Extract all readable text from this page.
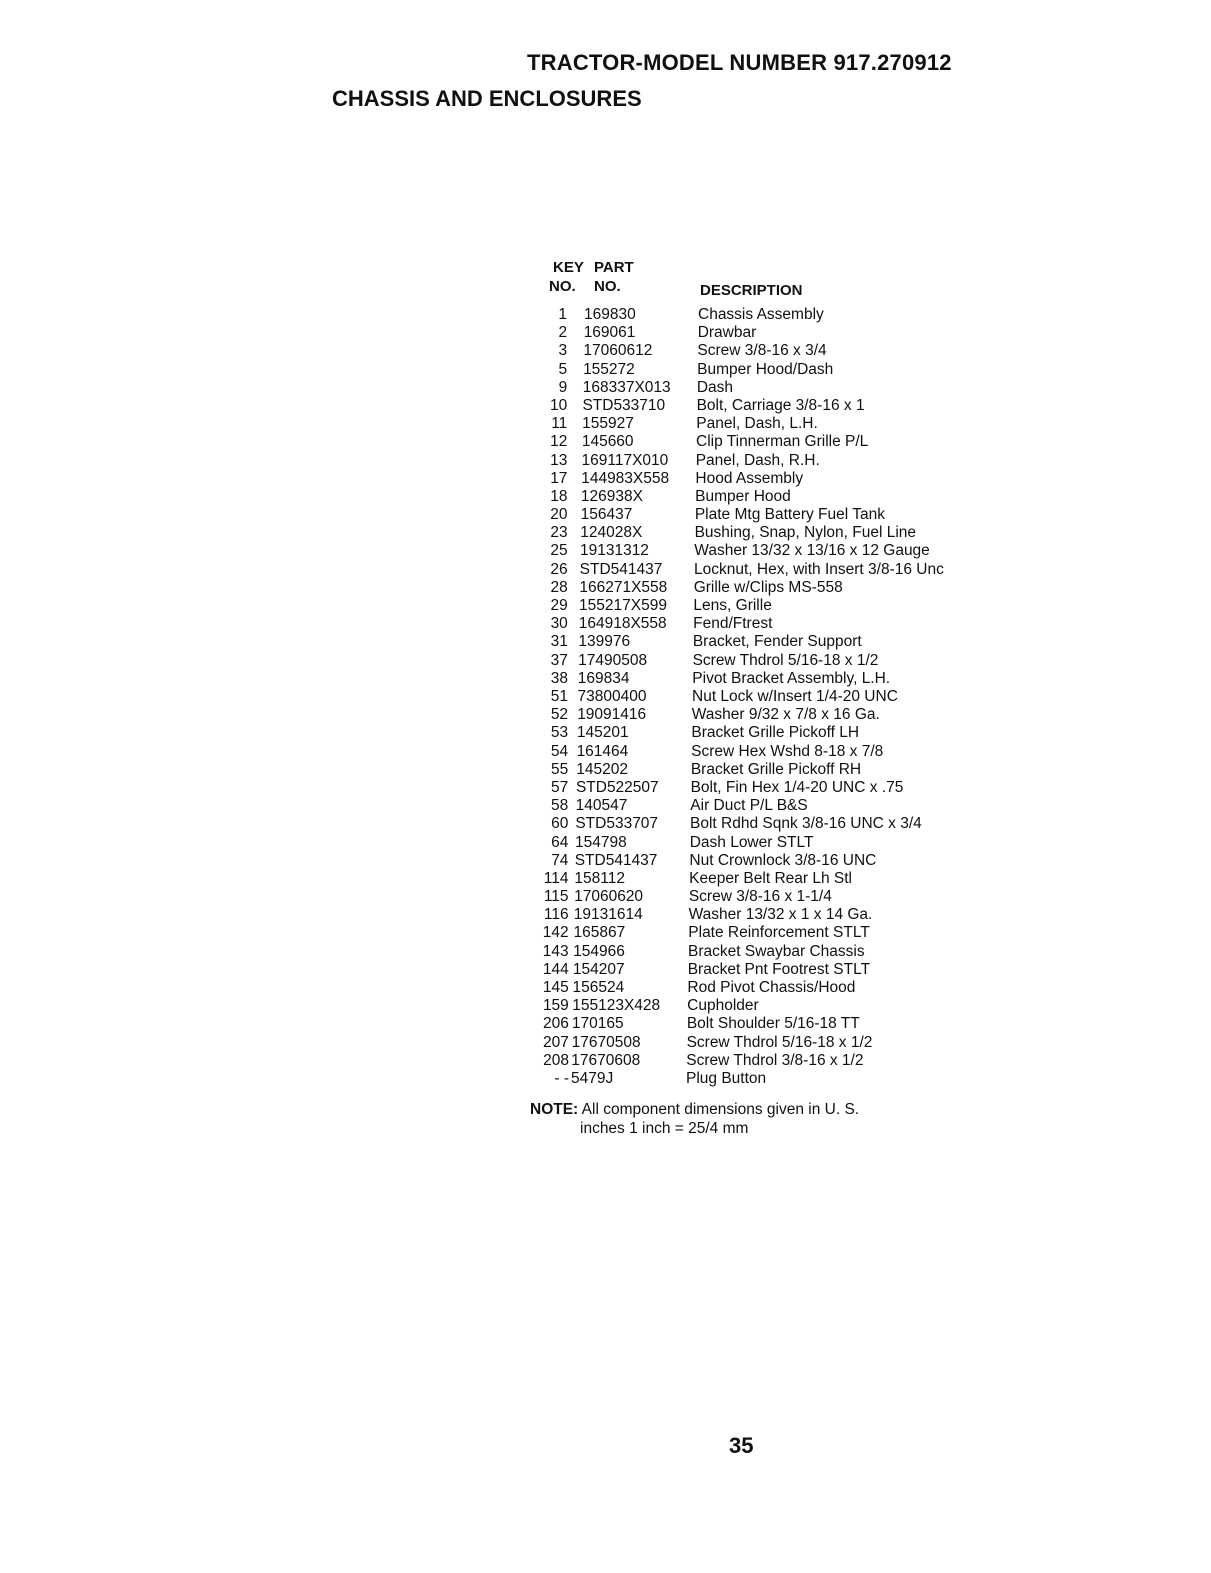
TRACTOR-MODEL NUMBER 917.270912
CHASSIS AND ENCLOSURES
KEY PART
NO. NO.	DESCRIPTION
1 169830	Chassis Assembly
2 169061	Drawbar
3 17060612	Screw 3/8-16 x 3/4
5 155272	Bumper Hood/Dash
9 168337X013 Dash
10 STD533710 Bolt, Carriage 3/8-16 x 1
11 155927	Panel, Dash, L.H.
12 145660	Clip Tinnerman Grille P/L
13 169117X010 Panel, Dash, R.H.
17 144983X558 Hood Assembly
18 126938X	Bumper Hood
20 156437	Plate Mtg Battery Fuel Tank
23 124028X	Bushing, Snap, Nylon, Fuel Line
25 19131312	Washer 13/32 x 13/16 x 12 Gauge
26 STD541437 Locknut, Hex, with Insert 3/8-16 Unc
28 166271X558 Grille w/Clips MS-558
29 155217X599 Lens, Grille
30 164918X558 Fend/Ftrest
31 139976	Bracket, Fender Support
37 17490508	Screw Thdrol 5/16-18 x 1/2
38 169834	Pivot Bracket Assembly, L.H.
51 73800400	Nut Lock w/Insert 1/4-20 UNC
52 19091416	Washer 9/32 x 7/8 x 16 Ga.
53 145201	Bracket Grille Pickoff LH
54 161464	Screw Hex Wshd 8-18 x 7/8
55 145202	Bracket Grille Pickoff RH
57 STD522507 Bolt, Fin Hex 1/4-20 UNC x .75
58 140547	Air Duct P/L B&S
60 STD533707 Bolt Rdhd Sqnk 3/8-16 UNC x 3/4
64 154798	Dash Lower STLT
74 STD541437 Nut Crownlock 3/8-16 UNC
114 158112	Keeper Belt Rear Lh Stl
115 17060620	Screw 3/8-16 x 1-1/4
116 19131614	Washer 13/32 x 1 x 14 Ga.
142 165867	Plate Reinforcement STLT
143 154966	Bracket Swaybar Chassis
144 154207	Bracket Pnt Footrest STLT
145 156524	Rod Pivot Chassis/Hood
159 155123X428 Cupholder
206 170165	Bolt Shoulder 5/16-18 TT
207 17670508	Screw Thdrol 5/16-18 x 1/2
208 17670608	Screw Thdrol 3/8-16 x 1/2
- - 5479J	Plug Button
NOTE: All component dimensions given in U. S.
inches 1 inch = 25/4 mm
35
